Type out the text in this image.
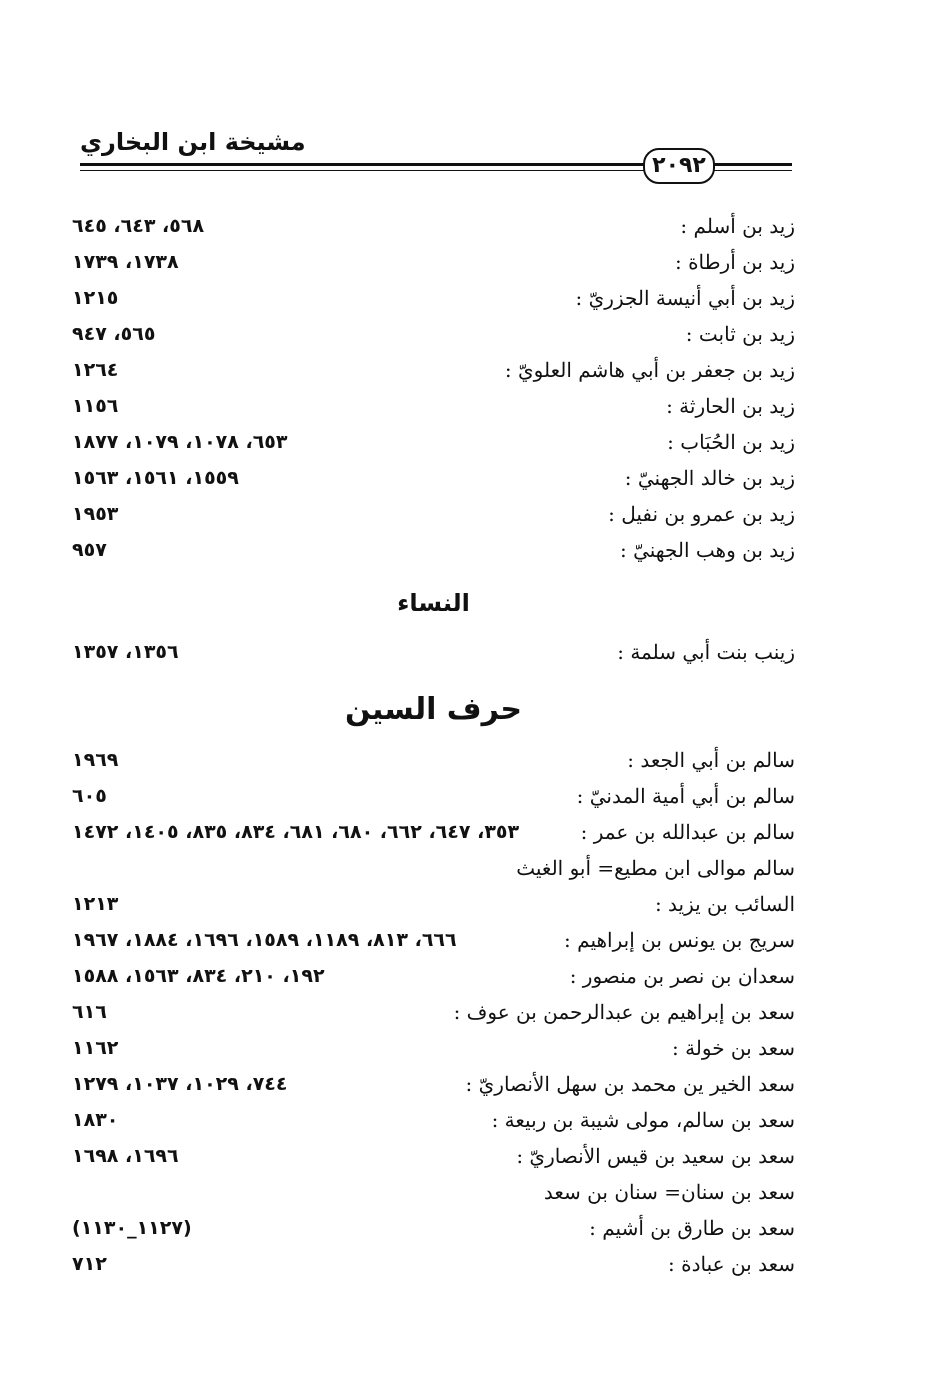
مشيخة ابن البخاري
٢٠٩٢
زيد بن أسلم :
٥٦٨، ٦٤٣، ٦٤٥
زيد بن أرطاة :
١٧٣٨، ١٧٣٩
زيد بن أبي أنيسة الجزريّ :
١٢١٥
زيد بن ثابت :
٥٦٥، ٩٤٧
زيد بن جعفر بن أبي هاشم العلويّ :
١٢٦٤
زيد بن الحارثة :
١١٥٦
زيد بن الحُبَاب :
٦٥٣، ١٠٧٨، ١٠٧٩، ١٨٧٧
زيد بن خالد الجهنيّ :
١٥٥٩، ١٥٦١، ١٥٦٣
زيد بن عمرو بن نفيل :
١٩٥٣
زيد بن وهب الجهنيّ :
٩٥٧
النساء
زينب بنت أبي سلمة :
١٣٥٦، ١٣٥٧
حرف السين
سالم بن أبي الجعد :
١٩٦٩
سالم بن أبي أمية المدنيّ :
٦٠٥
سالم بن عبدالله بن عمر :
٣٥٣، ٦٤٧، ٦٦٢، ٦٨٠، ٦٨١، ٨٣٤، ٨٣٥، ١٤٠٥، ١٤٧٢
سالم موالى ابن مطيع= أبو الغيث
السائب بن يزيد :
١٢١٣
سريج بن يونس بن إبراهيم :
٦٦٦، ٨١٣، ١١٨٩، ١٥٨٩، ١٦٩٦، ١٨٨٤، ١٩٦٧
سعدان بن نصر بن منصور :
١٩٢، ٢١٠، ٨٣٤، ١٥٦٣، ١٥٨٨
سعد بن إبراهيم بن عبدالرحمن بن عوف :
٦١٦
سعد بن خولة :
١١٦٢
سعد الخير ين محمد بن سهل الأنصاريّ :
٧٤٤، ١٠٢٩، ١٠٣٧، ١٢٧٩
سعد بن سالم، مولى شيبة بن ربيعة :
١٨٣٠
سعد بن سعيد بن قيس الأنصاريّ :
١٦٩٦، ١٦٩٨
سعد بن سنان= سنان بن سعد
سعد بن طارق بن أشيم :
(١١٢٧_١١٣٠)
سعد بن عبادة :
٧١٢
